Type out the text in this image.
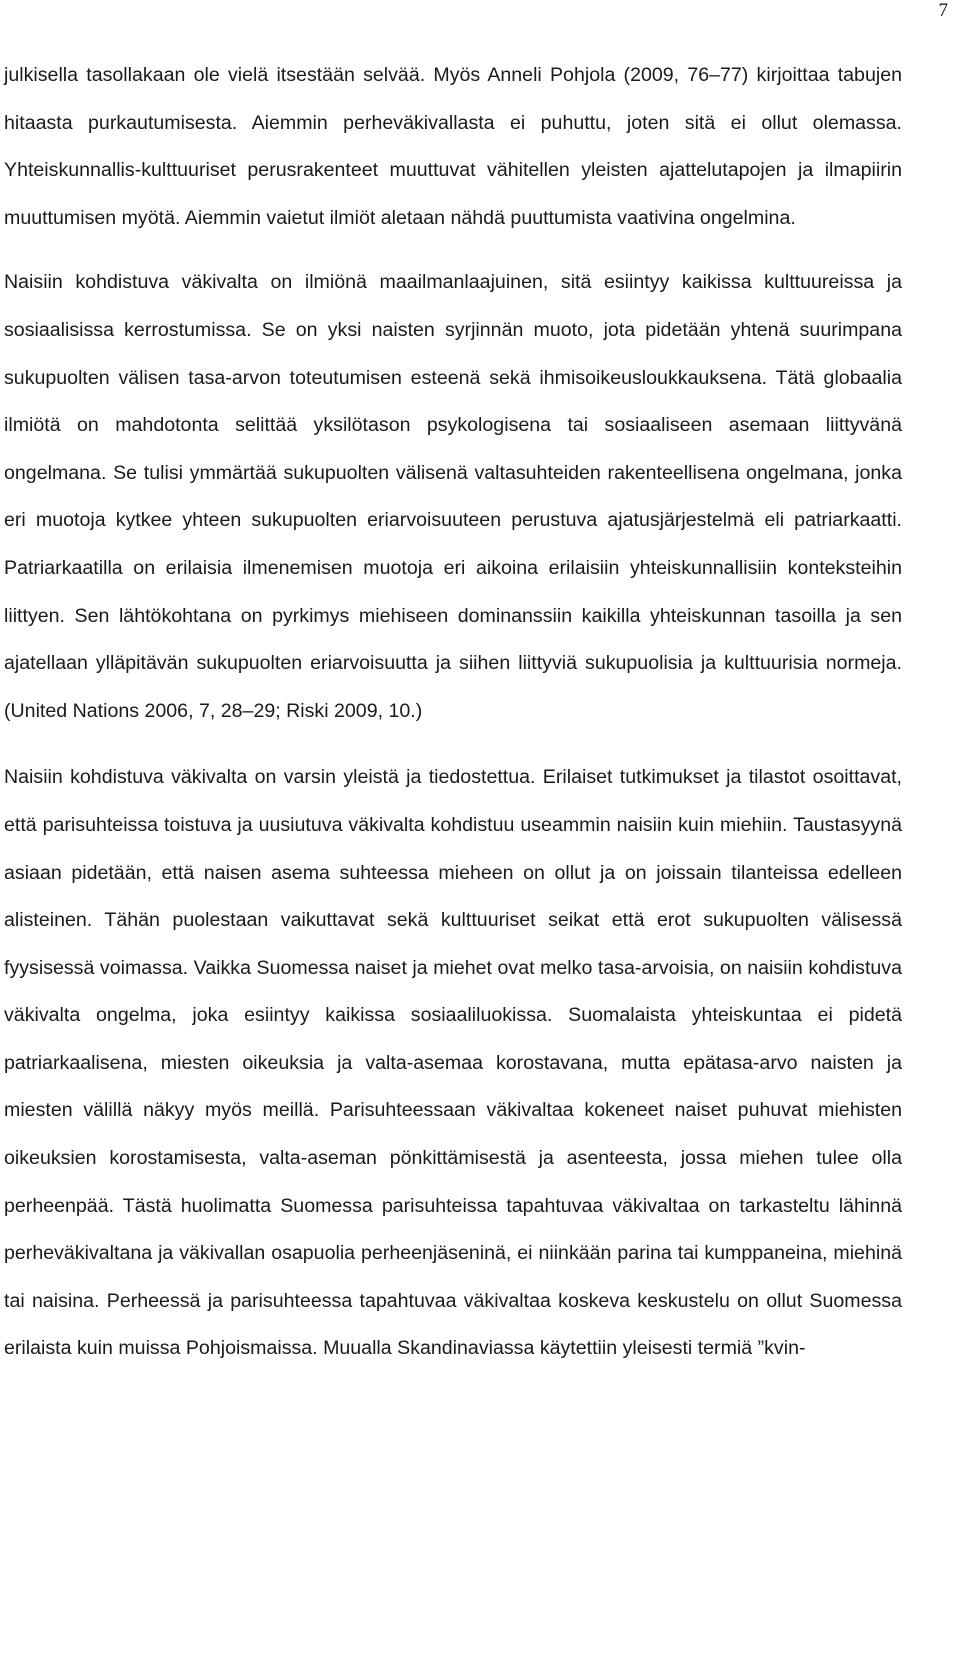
7

julkisella tasollakaan ole vielä itsestään selvää. Myös Anneli Pohjola (2009, 76–77) kirjoittaa tabujen hitaasta purkautumisesta. Aiemmin perheväkivallasta ei puhuttu, joten sitä ei ollut olemassa. Yhteiskunnallis-kulttuuriset perusrakenteet muuttuvat vähitellen yleisten ajattelutapojen ja ilmapiirin muuttumisen myötä. Aiemmin vaietut ilmiöt aletaan nähdä puuttumista vaativina ongelmina.

Naisiin kohdistuva väkivalta on ilmiönä maailmanlaajuinen, sitä esiintyy kaikissa kulttuureissa ja sosiaalisissa kerrostumissa. Se on yksi naisten syrjinnän muoto, jota pidetään yhtenä suurimpana sukupuolten välisen tasa-arvon toteutumisen esteenä sekä ihmisoikeusloukkauksena. Tätä globaalia ilmiötä on mahdotonta selittää yksilötason psykologisena tai sosiaaliseen asemaan liittyvänä ongelmana. Se tulisi ymmärtää sukupuolten välisenä valtasuhteiden rakenteellisena ongelmana, jonka eri muotoja kytkee yhteen sukupuolten eriarvoisuuteen perustuva ajatusjärjestelmä eli patriarkaatti. Patriarkaatilla on erilaisia ilmenemisen muotoja eri aikoina erilaisiin yhteiskunnallisiin konteksteihin liittyen. Sen lähtökohtana on pyrkimys miehiseen dominanssiin kaikilla yhteiskunnan tasoilla ja sen ajatellaan ylläpitävän sukupuolten eriarvoisuutta ja siihen liittyviä sukupuolisia ja kulttuurisia normeja. (United Nations 2006, 7, 28–29; Riski 2009, 10.)

Naisiin kohdistuva väkivalta on varsin yleistä ja tiedostettua. Erilaiset tutkimukset ja tilastot osoittavat, että parisuhteissa toistuva ja uusiutuva väkivalta kohdistuu useammin naisiin kuin miehiin. Taustasyynä asiaan pidetään, että naisen asema suhteessa mieheen on ollut ja on joissain tilanteissa edelleen alisteinen. Tähän puolestaan vaikuttavat sekä kulttuuriset seikat että erot sukupuolten välisessä fyysisessä voimassa. Vaikka Suomessa naiset ja miehet ovat melko tasa-arvoisia, on naisiin kohdistuva väkivalta ongelma, joka esiintyy kaikissa sosiaaliluokissa. Suomalaista yhteiskuntaa ei pidetä patriarkaalisena, miesten oikeuksia ja valta-asemaa korostavana, mutta epätasa-arvo naisten ja miesten välillä näkyy myös meillä. Parisuhteessaan väkivaltaa kokeneet naiset puhuvat miehisten oikeuksien korostamisesta, valta-aseman pönkittämisestä ja asenteesta, jossa miehen tulee olla perheenpää. Tästä huolimatta Suomessa parisuhteissa tapahtuvaa väkivaltaa on tarkasteltu lähinnä perheväkivaltana ja väkivallan osapuolia perheenjäseninä, ei niinkään parina tai kumppaneina, miehinä tai naisina. Perheessä ja parisuhteessa tapahtuvaa väkivaltaa koskeva keskustelu on ollut Suomessa erilaista kuin muissa Pohjoismaissa. Muualla Skandinaviassa käytettiin yleisesti termiä ”kvin-
